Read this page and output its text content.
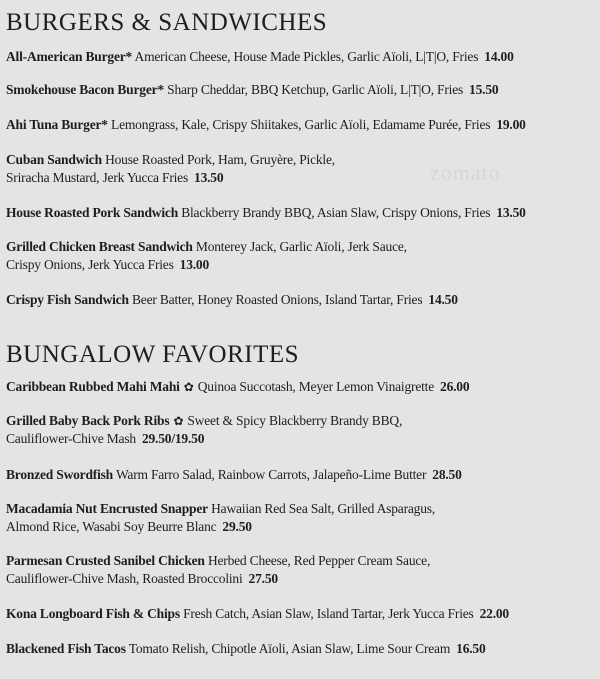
zomato
BURGERS & SANDWICHES
All-American Burger* American Cheese, House Made Pickles, Garlic Aïoli, L|T|O, Fries 14.00
Smokehouse Bacon Burger* Sharp Cheddar, BBQ Ketchup, Garlic Aïoli, L|T|O, Fries 15.50
Ahi Tuna Burger* Lemongrass, Kale, Crispy Shiitakes, Garlic Aïoli, Edamame Purée, Fries 19.00
Cuban Sandwich House Roasted Pork, Ham, Gruyère, Pickle,
Sriracha Mustard, Jerk Yucca Fries 13.50
House Roasted Pork Sandwich Blackberry Brandy BBQ, Asian Slaw, Crispy Onions, Fries 13.50
Grilled Chicken Breast Sandwich Monterey Jack, Garlic Aïoli, Jerk Sauce,
Crispy Onions, Jerk Yucca Fries 13.00
Crispy Fish Sandwich Beer Batter, Honey Roasted Onions, Island Tartar, Fries 14.50
BUNGALOW FAVORITES
Caribbean Rubbed Mahi Mahi ✿ Quinoa Succotash, Meyer Lemon Vinaigrette 26.00
Grilled Baby Back Pork Ribs ✿ Sweet & Spicy Blackberry Brandy BBQ,
Cauliflower-Chive Mash 29.50/19.50
Bronzed Swordfish Warm Farro Salad, Rainbow Carrots, Jalapeño-Lime Butter 28.50
Macadamia Nut Encrusted Snapper Hawaiian Red Sea Salt, Grilled Asparagus,
Almond Rice, Wasabi Soy Beurre Blanc 29.50
Parmesan Crusted Sanibel Chicken Herbed Cheese, Red Pepper Cream Sauce,
Cauliflower-Chive Mash, Roasted Broccolini 27.50
Kona Longboard Fish & Chips Fresh Catch, Asian Slaw, Island Tartar, Jerk Yucca Fries 22.00
Blackened Fish Tacos Tomato Relish, Chipotle Aïoli, Asian Slaw, Lime Sour Cream 16.50
